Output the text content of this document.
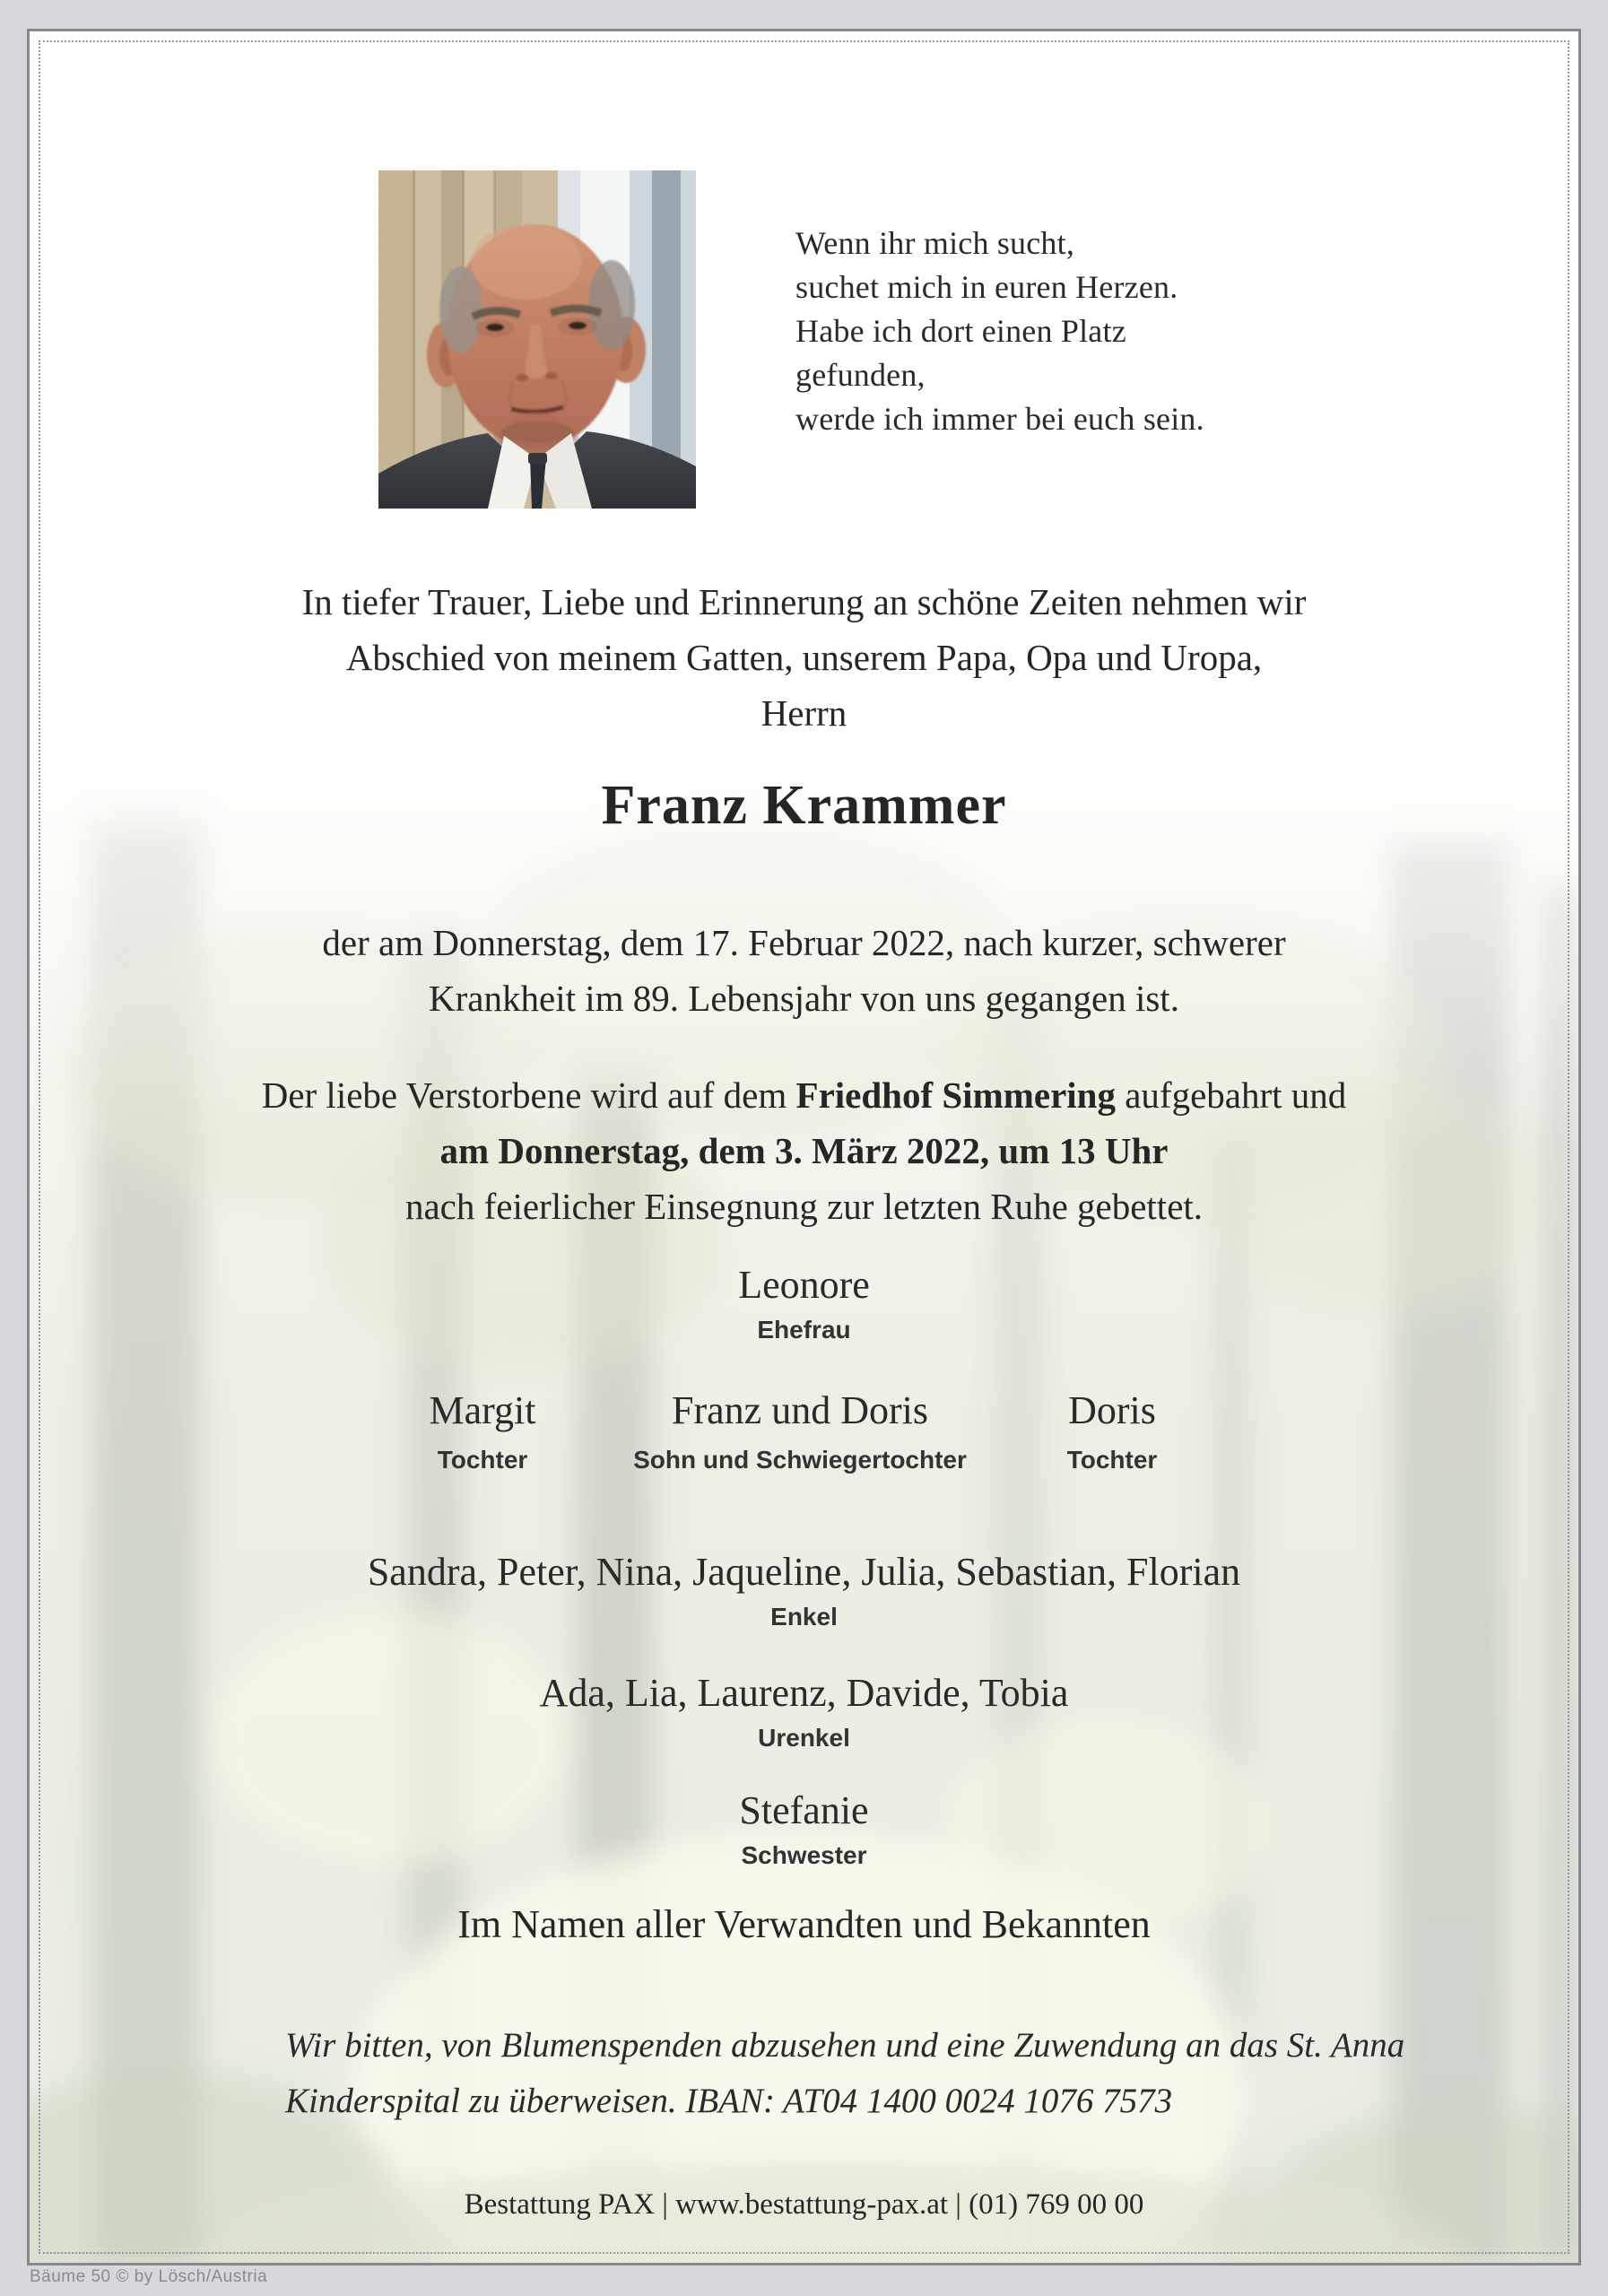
Wenn ihr mich sucht,
suchet mich in euren Herzen.
Habe ich dort einen Platz
gefunden,
werde ich immer bei euch sein.
In tiefer Trauer, Liebe und Erinnerung an schöne Zeiten nehmen wir
Abschied von meinem Gatten, unserem Papa, Opa und Uropa,
Herrn
Franz Krammer
der am Donnerstag, dem 17. Februar 2022, nach kurzer, schwerer
Krankheit im 89. Lebensjahr von uns gegangen ist.
Der liebe Verstorbene wird auf dem Friedhof Simmering aufgebahrt und
am Donnerstag, dem 3. März 2022, um 13 Uhr
nach feierlicher Einsegnung zur letzten Ruhe gebettet.
Leonore
Ehefrau
Margit
Tochter
Franz und Doris
Sohn und Schwiegertochter
Doris
Tochter
Sandra, Peter, Nina, Jaqueline, Julia, Sebastian, Florian
Enkel
Ada, Lia, Laurenz, Davide, Tobia
Urenkel
Stefanie
Schwester
Im Namen aller Verwandten und Bekannten
Wir bitten, von Blumenspenden abzusehen und eine Zuwendung an das St. Anna
Kinderspital zu überweisen. IBAN: AT04 1400 0024 1076 7573
Bestattung PAX | www.bestattung-pax.at | (01) 769 00 00
Bäume 50 © by Lösch/Austria
